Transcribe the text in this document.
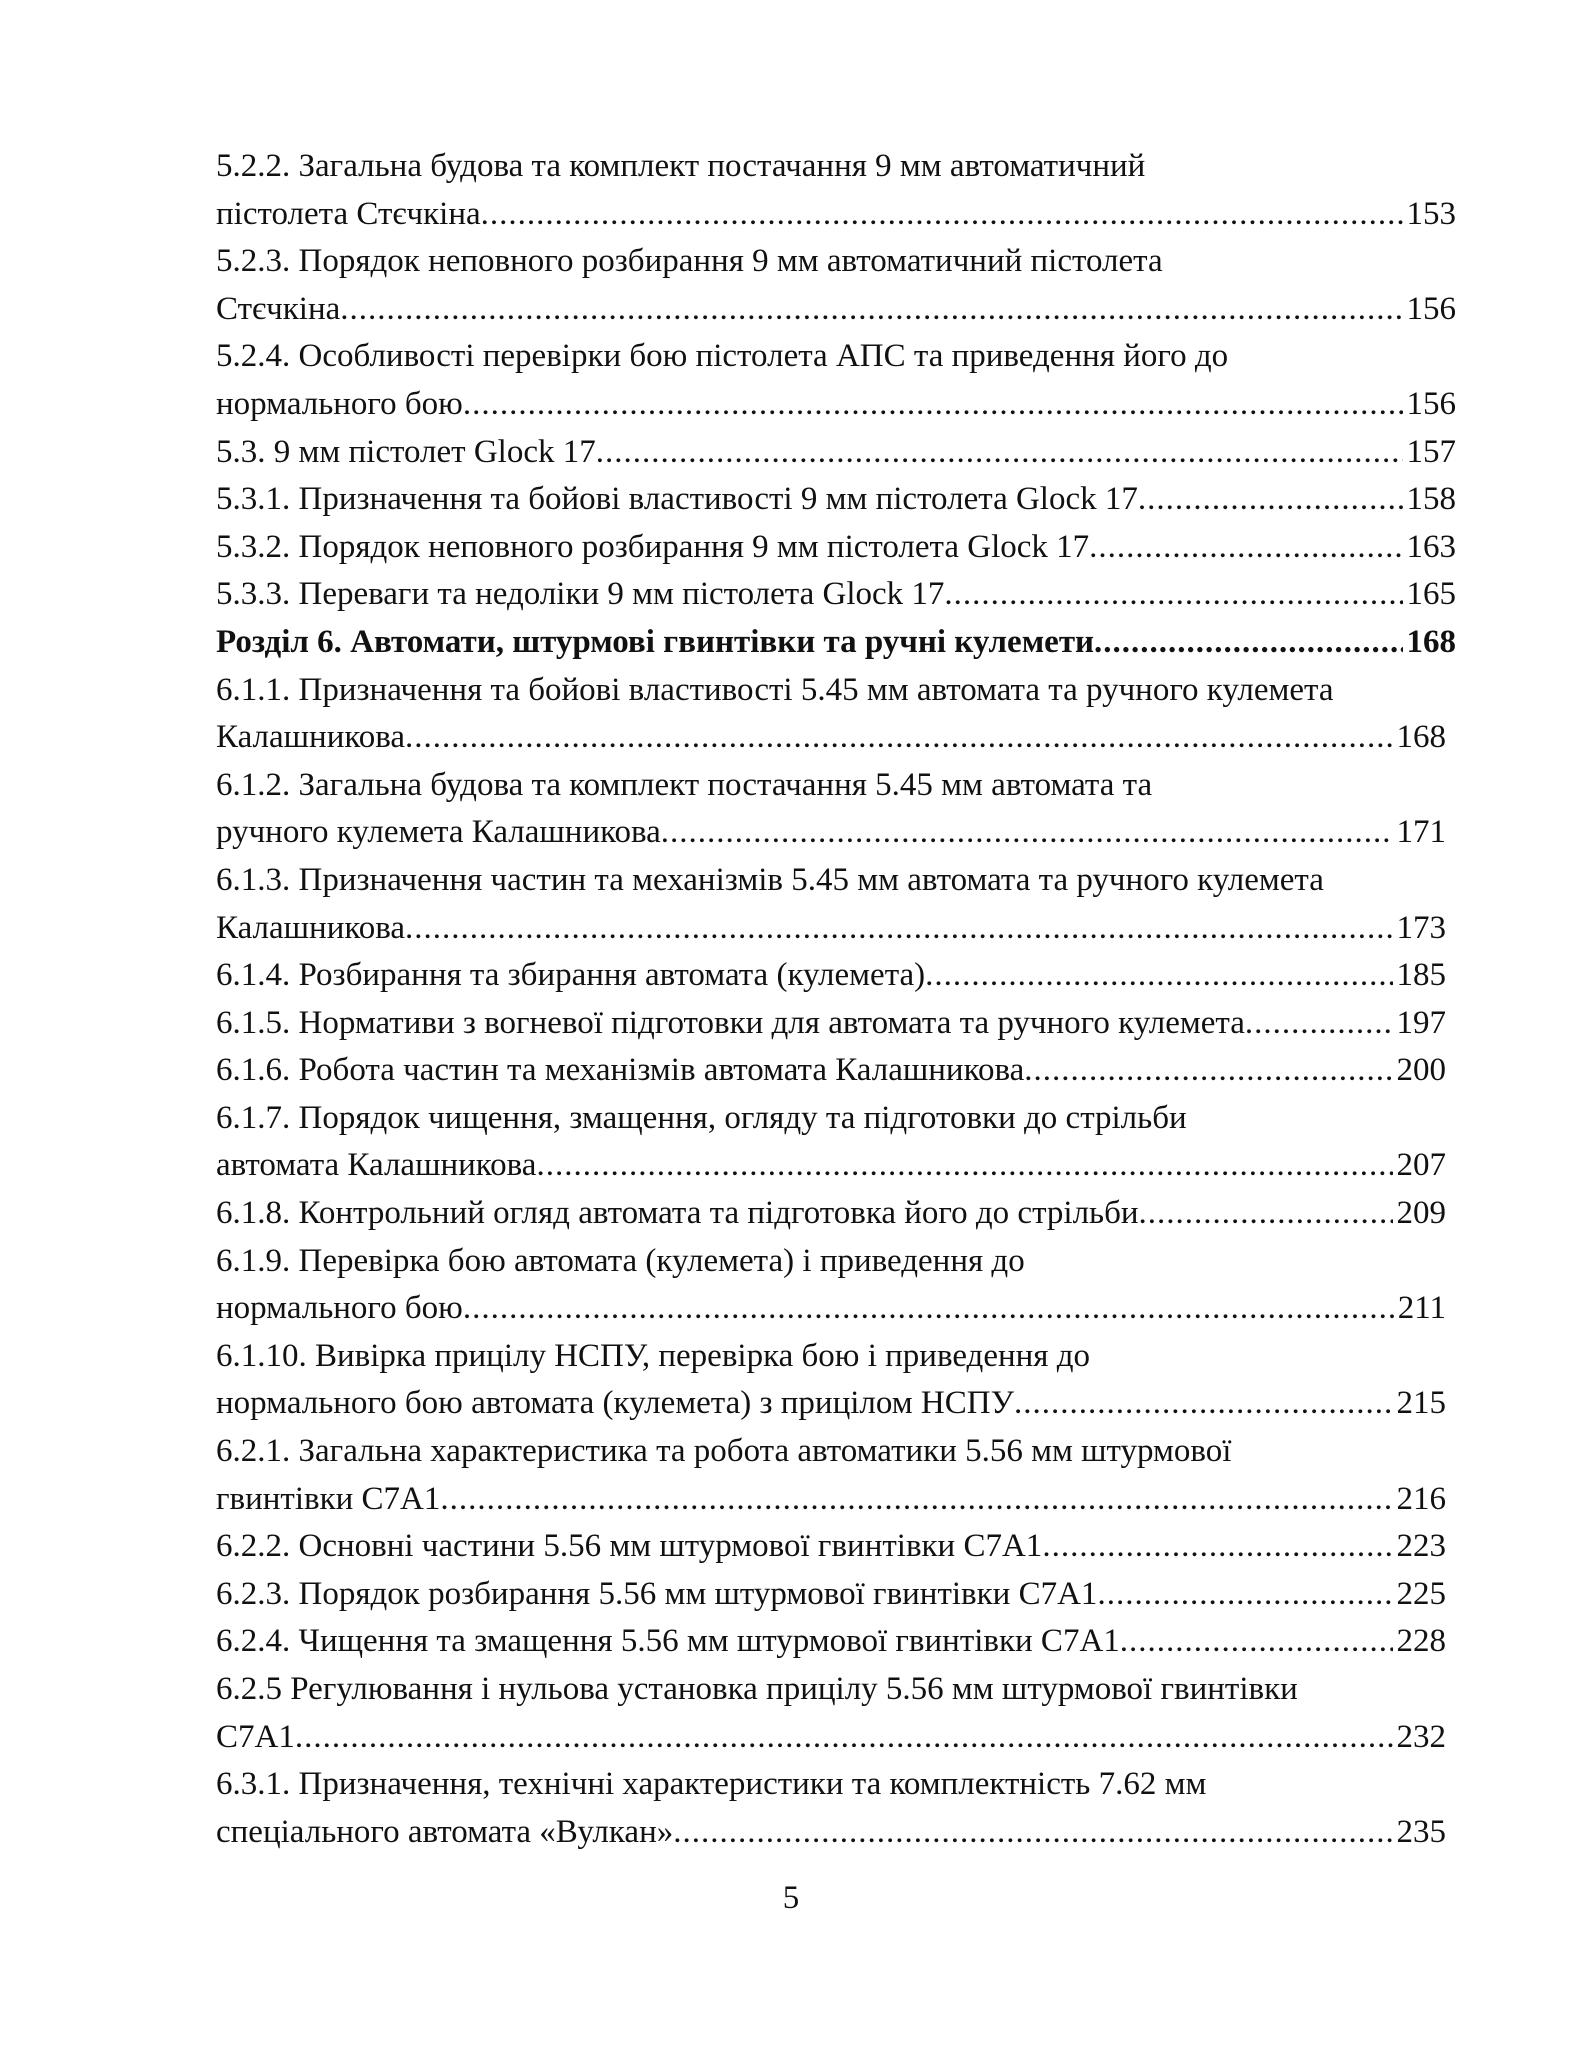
5.2.2. Загальна будова та комплект постачання 9 мм автоматичний
пістолета Стєчкіна .....	153
5.2.3. Порядок неповного розбирання 9 мм автоматичний пістолета
Стєчкіна .....	156
5.2.4. Особливості перевірки бою пістолета АПС та приведення його до
нормального бою .....	156
5.3. 9 мм пістолет Glock 17 .....	157
5.3.1. Призначення та бойові властивості 9 мм пістолета Glock 17 .....	158
5.3.2. Порядок неповного розбирання 9 мм пістолета Glock 17 .....	163
5.3.3. Переваги та недоліки 9 мм пістолета Glock 17 .....	165
Розділ 6. Автомати, штурмові гвинтівки та ручні кулемети .....	168
6.1.1. Призначення та бойові властивості 5.45 мм автомата та ручного кулемета
Калашникова .....	168
6.1.2. Загальна будова та комплект постачання 5.45 мм автомата та
ручного кулемета Калашникова .....	171
6.1.3. Призначення частин та механізмів 5.45 мм автомата та ручного кулемета
Калашникова .....	173
6.1.4. Розбирання та збирання автомата (кулемета) .....	185
6.1.5. Нормативи з вогневої підготовки для автомата та ручного кулемета .....	197
6.1.6. Робота частин та механізмів автомата Калашникова .....	200
6.1.7. Порядок чищення, змащення, огляду та підготовки до стрільби
автомата Калашникова .....	207
6.1.8. Контрольний огляд автомата та підготовка його до стрільби .....	209
6.1.9. Перевірка бою автомата (кулемета) і приведення до
нормального бою .....	211
6.1.10. Вивірка прицілу НСПУ, перевірка бою і приведення до
нормального бою автомата (кулемета) з прицілом НСПУ .....	215
6.2.1. Загальна характеристика та робота автоматики 5.56 мм штурмової
гвинтівки С7А1 .....	216
6.2.2. Основні частини 5.56 мм штурмової гвинтівки С7А1 .....	223
6.2.3. Порядок розбирання 5.56 мм штурмової гвинтівки С7А1 .....	225
6.2.4. Чищення та змащення 5.56 мм штурмової гвинтівки С7А1 .....	228
6.2.5 Регулювання і нульова установка прицілу 5.56 мм штурмової гвинтівки
С7А1 .....	232
6.3.1. Призначення, технічні характеристики та комплектність 7.62 мм
спеціального автомата «Вулкан» .....	235
5
